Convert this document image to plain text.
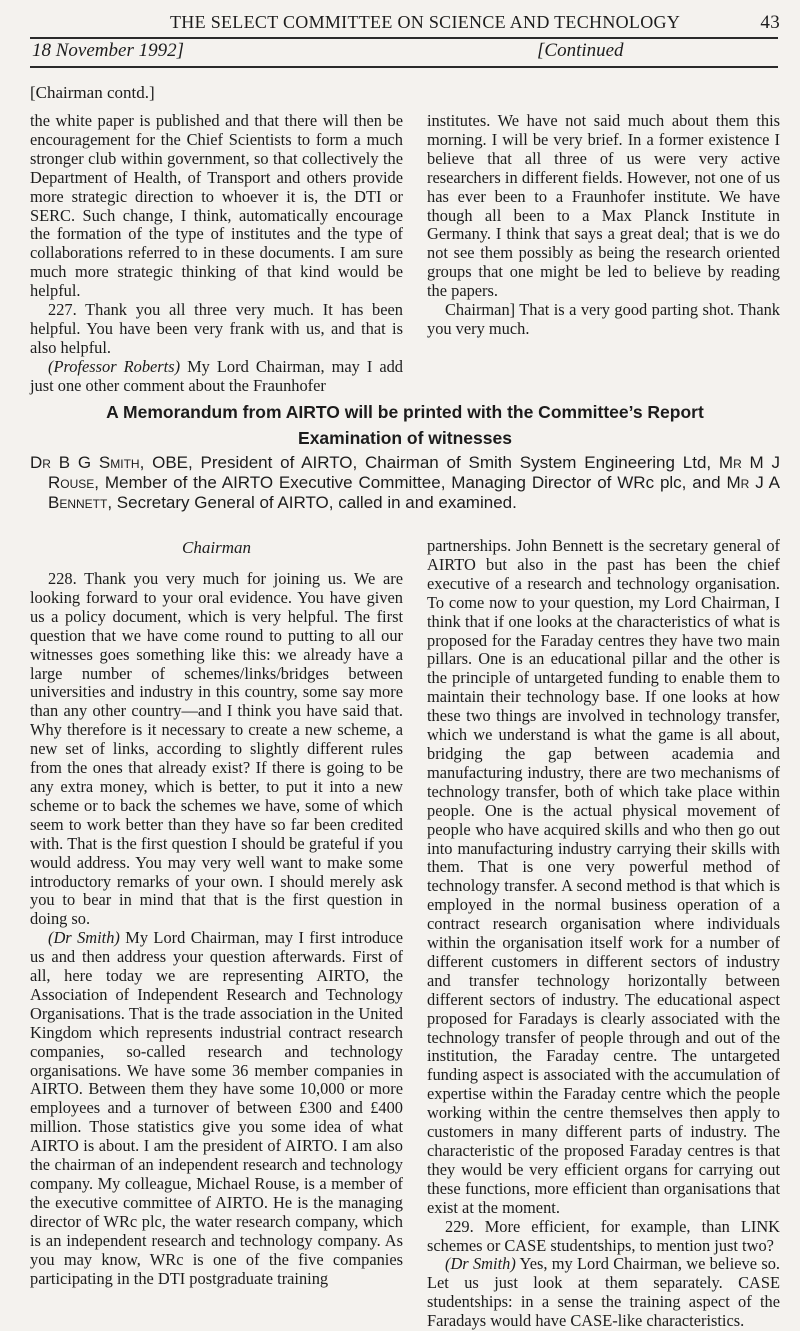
THE SELECT COMMITTEE ON SCIENCE AND TECHNOLOGY	43
18 November 1992]	[Continued
[Chairman contd.]

the white paper is published and that there will then be encouragement for the Chief Scientists to form a much stronger club within government, so that collectively the Department of Health, of Transport and others provide more strategic direction to whoever it is, the DTI or SERC. Such change, I think, automatically encourage the formation of the type of institutes and the type of collaborations referred to in these documents. I am sure much more strategic thinking of that kind would be helpful.

227. Thank you all three very much. It has been helpful. You have been very frank with us, and that is also helpful.

(Professor Roberts) My Lord Chairman, may I add just one other comment about the Fraunhofer

institutes. We have not said much about them this morning. I will be very brief. In a former existence I believe that all three of us were very active researchers in different fields. However, not one of us has ever been to a Fraunhofer institute. We have though all been to a Max Planck Institute in Germany. I think that says a great deal; that is we do not see them possibly as being the research oriented groups that one might be led to believe by reading the papers.

Chairman] That is a very good parting shot. Thank you very much.

A Memorandum from AIRTO will be printed with the Committee’s Report
Examination of witnesses

Dr B G Smith, OBE, President of AIRTO, Chairman of Smith System Engineering Ltd, Mr M J Rouse, Member of the AIRTO Executive Committee, Managing Director of WRc plc, and Mr J A Bennett, Secretary General of AIRTO, called in and examined.

Chairman

228. Thank you very much for joining us. We are looking forward to your oral evidence. You have given us a policy document, which is very helpful. The first question that we have come round to putting to all our witnesses goes something like this: we already have a large number of schemes/links/bridges between universities and industry in this country, some say more than any other country—and I think you have said that. Why therefore is it necessary to create a new scheme, a new set of links, according to slightly different rules from the ones that already exist? If there is going to be any extra money, which is better, to put it into a new scheme or to back the schemes we have, some of which seem to work better than they have so far been credited with. That is the first question I should be grateful if you would address. You may very well want to make some introductory remarks of your own. I should merely ask you to bear in mind that that is the first question in doing so.

(Dr Smith) My Lord Chairman, may I first introduce us and then address your question afterwards. First of all, here today we are representing AIRTO, the Association of Independent Research and Technology Organisations. That is the trade association in the United Kingdom which represents industrial contract research companies, so-called research and technology organisations. We have some 36 member companies in AIRTO. Between them they have some 10,000 or more employees and a turnover of between £300 and £400 million. Those statistics give you some idea of what AIRTO is about. I am the president of AIRTO. I am also the chairman of an independent research and technology company. My colleague, Michael Rouse, is a member of the executive committee of AIRTO. He is the managing director of WRc plc, the water research company, which is an independent research and technology company. As you may know, WRc is one of the five companies participating in the DTI postgraduate training

partnerships. John Bennett is the secretary general of AIRTO but also in the past has been the chief executive of a research and technology organisation. To come now to your question, my Lord Chairman, I think that if one looks at the characteristics of what is proposed for the Faraday centres they have two main pillars. One is an educational pillar and the other is the principle of untargeted funding to enable them to maintain their technology base. If one looks at how these two things are involved in technology transfer, which we understand is what the game is all about, bridging the gap between academia and manufacturing industry, there are two mechanisms of technology transfer, both of which take place within people. One is the actual physical movement of people who have acquired skills and who then go out into manufacturing industry carrying their skills with them. That is one very powerful method of technology transfer. A second method is that which is employed in the normal business operation of a contract research organisation where individuals within the organisation itself work for a number of different customers in different sectors of industry and transfer technology horizontally between different sectors of industry. The educational aspect proposed for Faradays is clearly associated with the technology transfer of people through and out of the institution, the Faraday centre. The untargeted funding aspect is associated with the accumulation of expertise within the Faraday centre which the people working within the centre themselves then apply to customers in many different parts of industry. The characteristic of the proposed Faraday centres is that they would be very efficient organs for carrying out these functions, more efficient than organisations that exist at the moment.

229. More efficient, for example, than LINK schemes or CASE studentships, to mention just two?

(Dr Smith) Yes, my Lord Chairman, we believe so. Let us just look at them separately. CASE studentships: in a sense the training aspect of the Faradays would have CASE-like characteristics.
